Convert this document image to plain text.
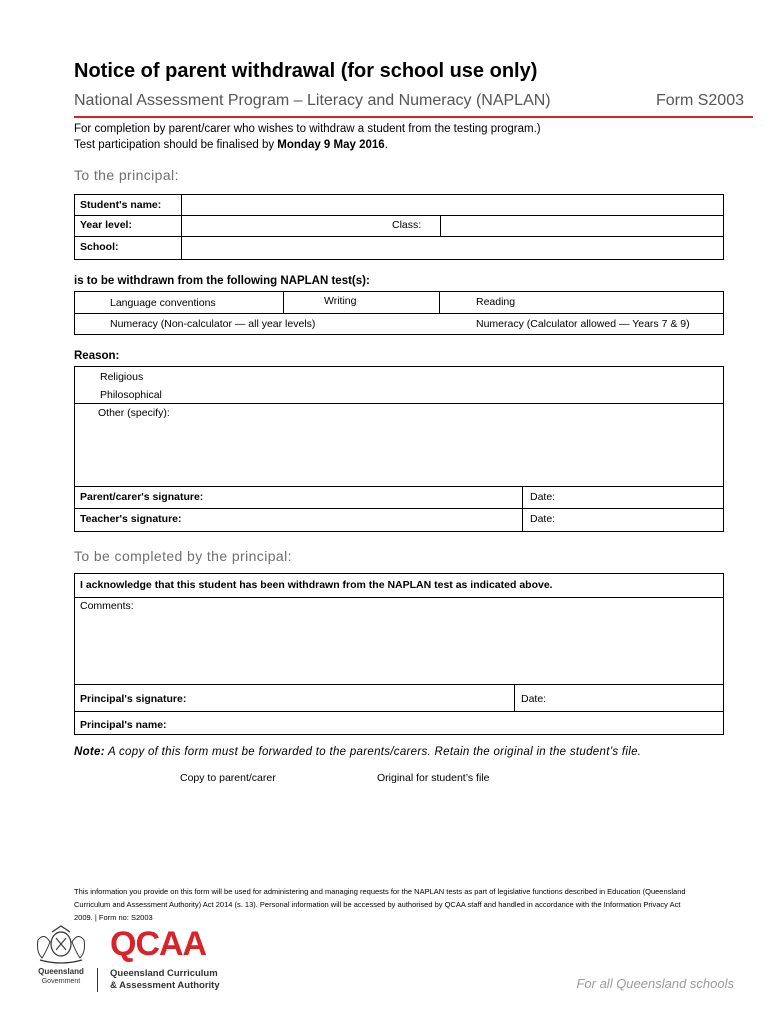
Notice of parent withdrawal (for school use only)
National Assessment Program – Literacy and Numeracy (NAPLAN)	Form S2003
For completion by parent/carer who wishes to withdraw a student from the testing program.)
Test participation should be finalised by Monday 9 May 2016.
To the principal:
Student's name:
Year level:	Class:
School:
is to be withdrawn from the following NAPLAN test(s):
Language conventions	Writing	Reading
Numeracy (Non-calculator — all year levels)	Numeracy (Calculator allowed — Years 7 & 9)
Reason:
Religious
Philosophical
Other (specify):
Parent/carer's signature:	Date:
Teacher's signature:	Date:
To be completed by the principal:
I acknowledge that this student has been withdrawn from the NAPLAN test as indicated above.
Comments:
Principal's signature:	Date:
Principal's name:
Note: A copy of this form must be forwarded to the parents/carers. Retain the original in the student’s file.
Copy to parent/carer	Original for student’s file
This information you provide on this form will be used for administering and managing requests for the NAPLAN tests as part of legislative functions described in Education (Queensland Curriculum and Assessment Authority) Act 2014 (s. 13). Personal information will be accessed by authorised by QCAA staff and handled in accordance with the Information Privacy Act 2009. | Form no: S2003
Queensland
Government
QCAA
Queensland Curriculum
& Assessment Authority	For all Queensland schools
